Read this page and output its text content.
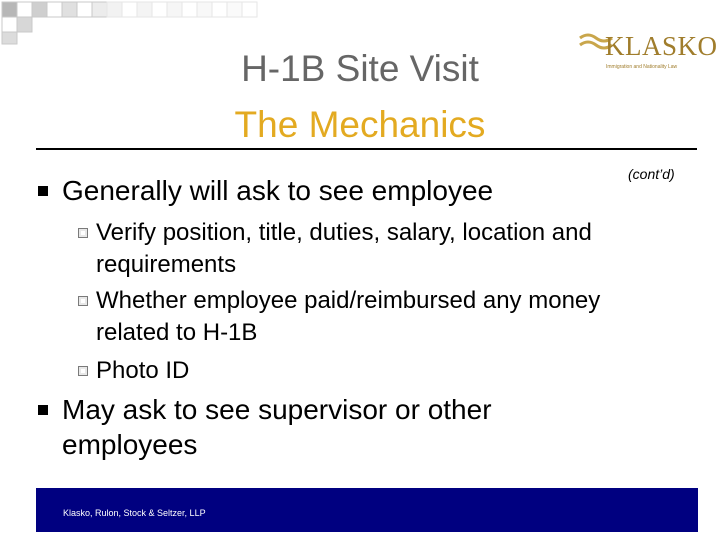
H-1B Site Visit
The Mechanics
KLASKO
Immigration and Nationality Law
(cont’d)
Generally will ask to see employee
Verify position, title, duties, salary, location and
requirements
Whether employee paid/reimbursed any money
related to H-1B
Photo ID
May ask to see supervisor or other
employees
Klasko, Rulon, Stock & Seltzer, LLP
